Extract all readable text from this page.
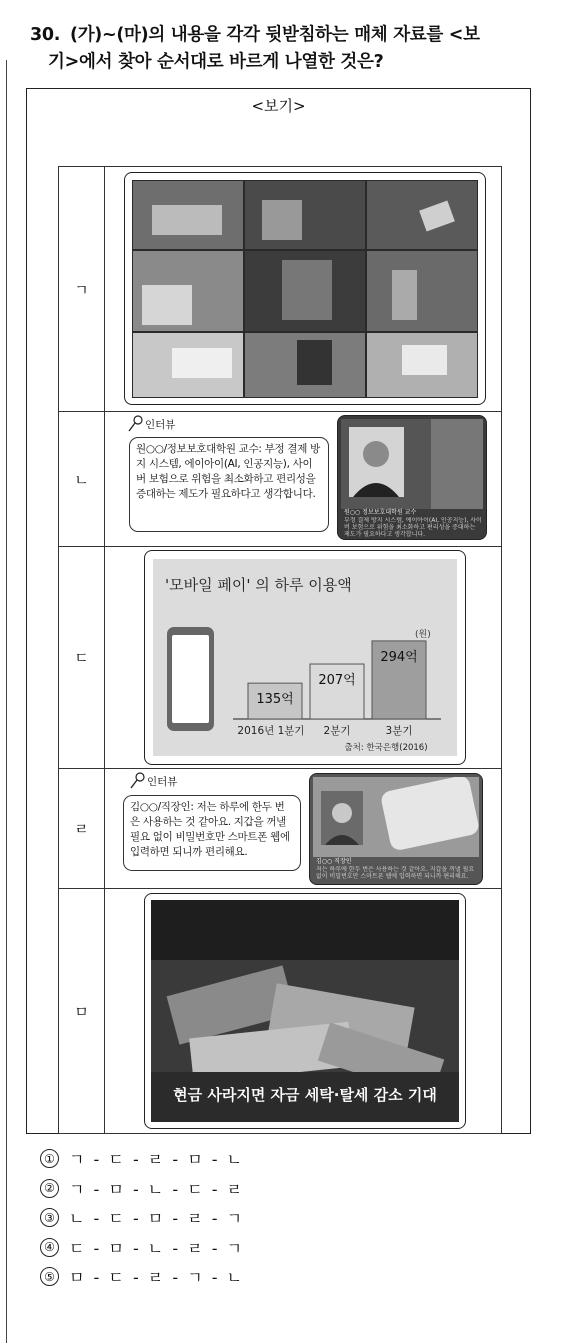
30. (가)~(마)의 내용을 각각 뒷받침하는 매체 자료를 <보
기>에서 찾아 순서대로 바르게 나열한 것은?
<보기>
ㄱ
ㄴ
인터뷰
원○○/정보보호대학원 교수: 부정 결제 방지 시스템, 에이아이(AI, 인공지능), 사이버 보험으로 위험을 최소화하고 편리성을 증대하는 제도가 필요하다고 생각합니다.
원○○ 정보보호대학원 교수
부정 결제 방지 시스템, 에이아이(AI, 인공지능), 사이버 보험으로 위험을 최소화하고 편리성을 증대하는 제도가 필요하다고 생각합니다.
ㄷ
'모바일 페이' 의 하루 이용액
(원)
135억
2016년 1분기
207억
2분기
294억
3분기
출처: 한국은행(2016)
ㄹ
인터뷰
김○○/직장인: 저는 하루에 한두 번은 사용하는 것 같아요. 지갑을 꺼낼 필요 없이 비밀번호만 스마트폰 웹에 입력하면 되니까 편리해요.
김○○ 직장인
저는 하루에 한두 번은 사용하는 것 같아요. 지갑을 꺼낼 필요 없이 비밀번호만 스마트폰 웹에 입력하면 되니까 편리해요.
ㅁ
현금 사라지면 자금 세탁·탈세 감소 기대
① ㄱ - ㄷ - ㄹ - ㅁ - ㄴ
② ㄱ - ㅁ - ㄴ - ㄷ - ㄹ
③ ㄴ - ㄷ - ㅁ - ㄹ - ㄱ
④ ㄷ - ㅁ - ㄴ - ㄹ - ㄱ
⑤ ㅁ - ㄷ - ㄹ - ㄱ - ㄴ
